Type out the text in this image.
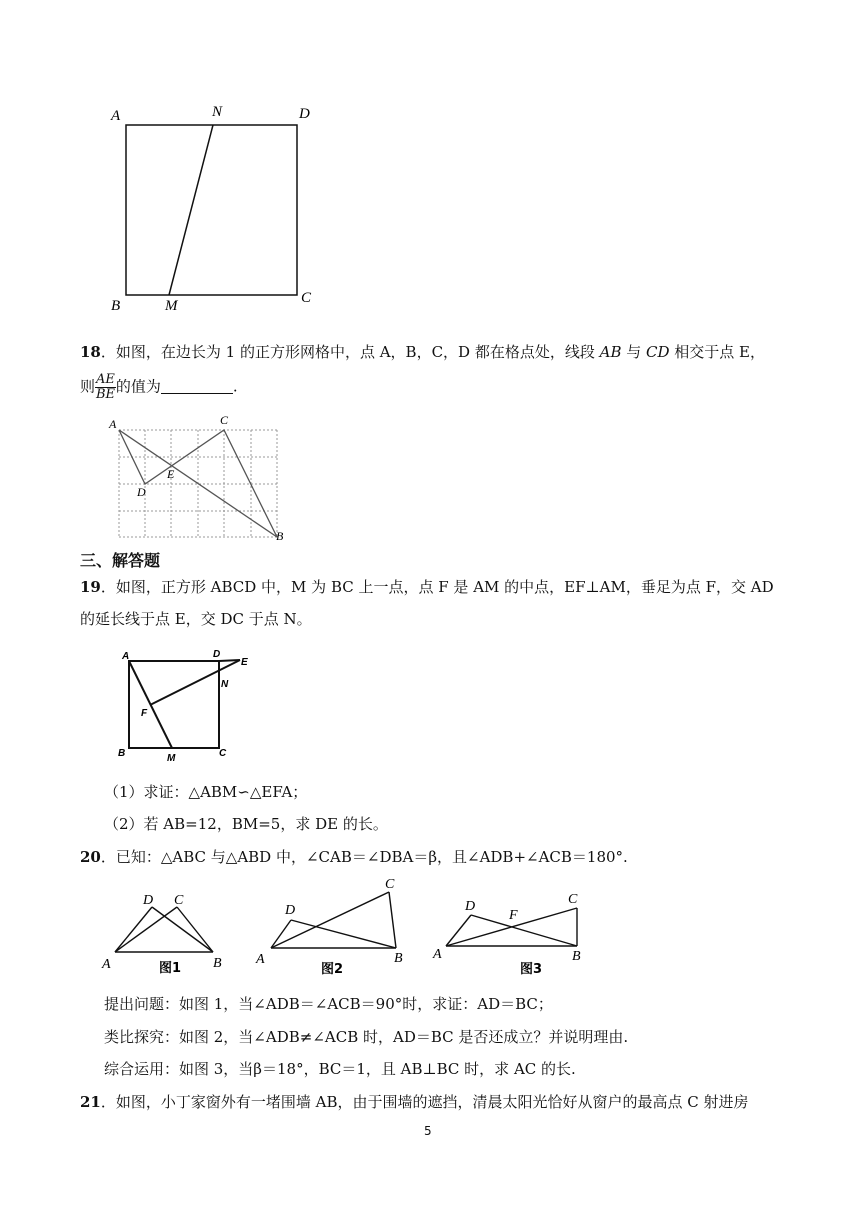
A	N	D
B	M	C
18．如图，在边长为 1 的正方形网格中，点 A，B，C，D 都在格点处，线段 𝐴𝐵 与 𝐶𝐷 相交于点 E，
则 $\frac{AE}{BE}$ 的值为	.
A	C
D
E
B
三、解答题
19．如图，正方形 ABCD 中，M 为 BC 上一点，点 F 是 AM 的中点，EF⊥AM，垂足为点 F，交 AD
的延长线于点 E，交 DC 于点 N。
A	D
E
N
F
B	M	C
（1）求证：△ABM∽△EFA；
（2）若 AB=12，BM=5，求 DE 的长。
20．已知：△ABC 与△ABD 中，∠CAB＝∠DBA＝β，且∠ADB+∠ACB＝180°.
D C
A	B
图1
D
C
A	B
图2
D
F
C
A	B
图3
提出问题：如图 1，当∠ADB＝∠ACB＝90°时，求证：AD＝BC；
类比探究：如图 2，当∠ADB≠∠ACB 时，AD＝BC 是否还成立？并说明理由.
综合运用：如图 3，当β＝18°，BC＝1，且 AB⊥BC 时，求 AC 的长.
21．如图，小丁家窗外有一堵围墙 AB，由于围墙的遮挡，清晨太阳光恰好从窗户的最高点 C 射进房
5
